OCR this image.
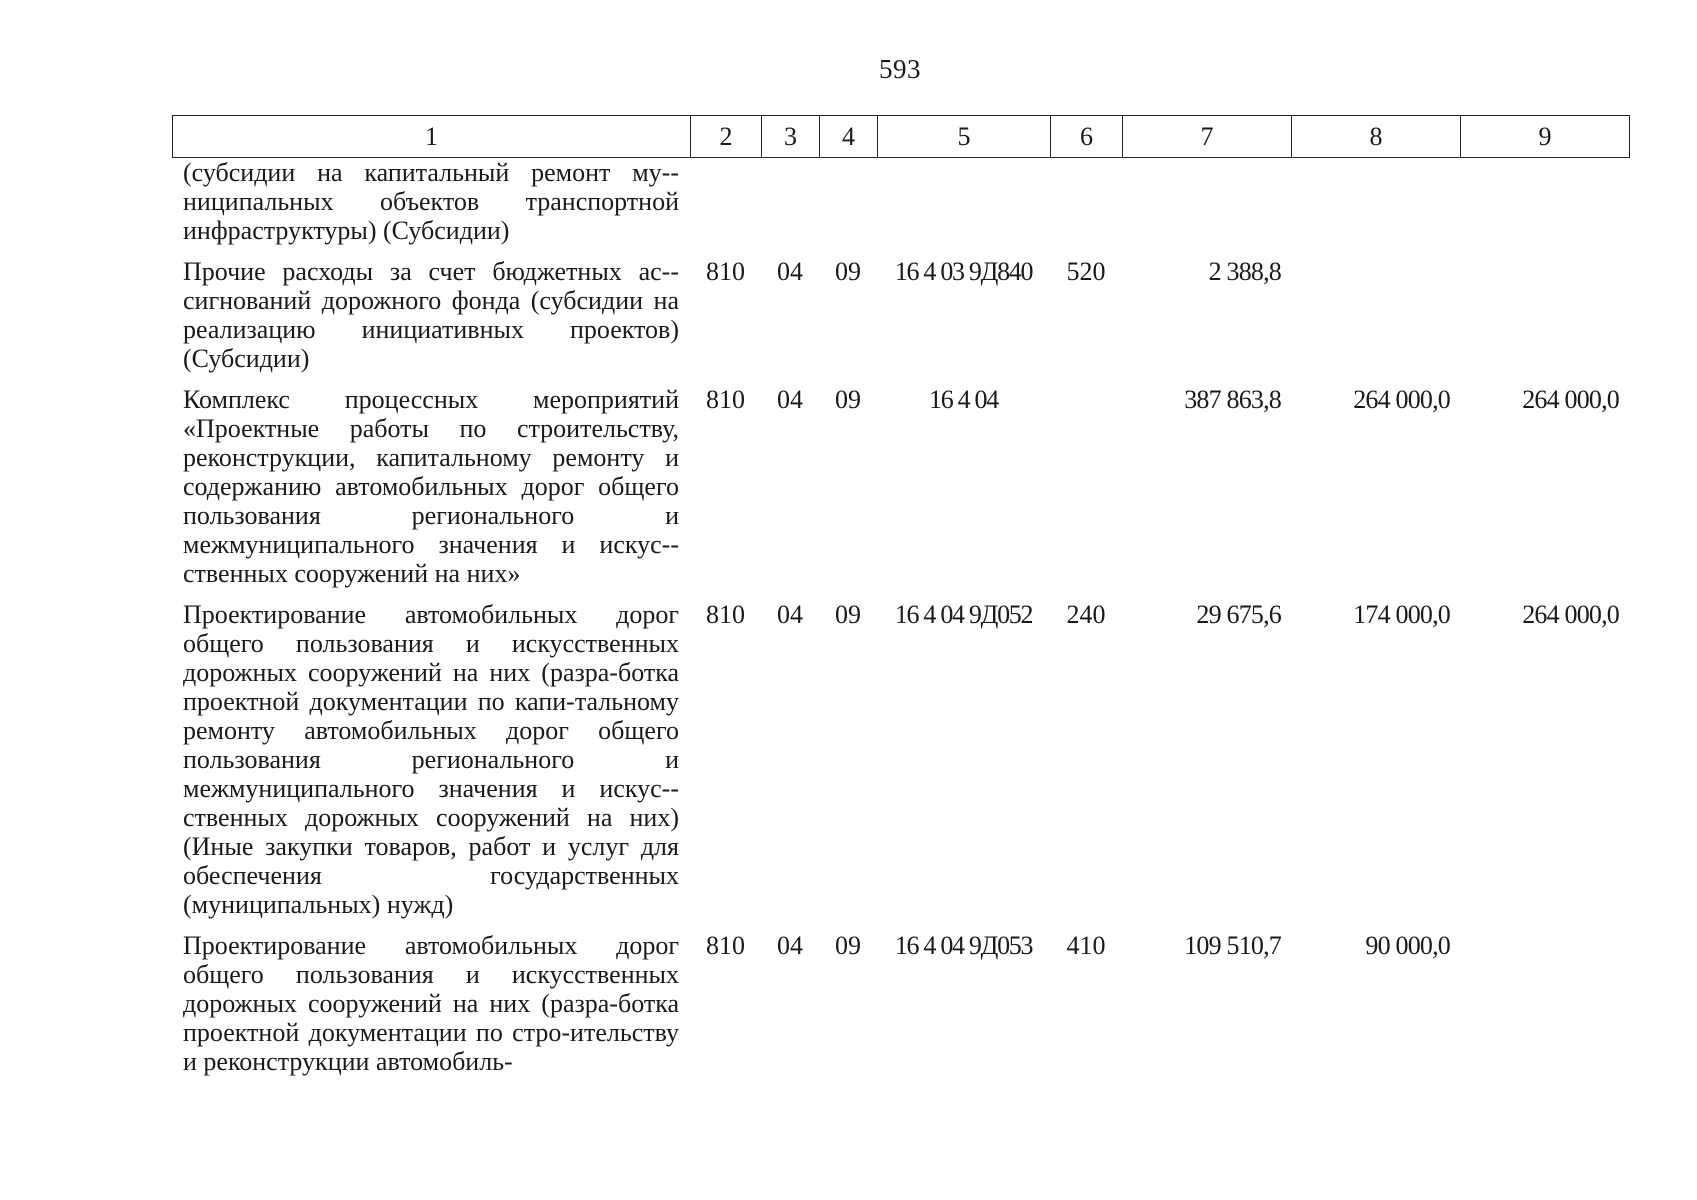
593
1	2	3	4	5	6	7	8	9
(субсидии на капитальный ремонт му-ниципальных объектов транспортной инфраструктуры) (Субсидии)								
Прочие расходы за счет бюджетных ас-сигнований дорожного фонда (субсидии на реализацию инициативных проектов) (Субсидии)	810	04	09	16 4 03 9Д840	520	2 388,8		
Комплекс процессных мероприятий «Проектные работы по строительству, реконструкции, капитальному ремонту и содержанию автомобильных дорог общего пользования регионального и межмуниципального значения и искус-ственных сооружений на них»	810	04	09	16 4 04		387 863,8	264 000,0	264 000,0
Проектирование автомобильных дорог общего пользования и искусственных дорожных сооружений на них (разра-ботка проектной документации по капи-тальному ремонту автомобильных дорог общего пользования регионального и межмуниципального значения и искус-ственных дорожных сооружений на них) (Иные закупки товаров, работ и услуг для обеспечения государственных (муниципальных) нужд)	810	04	09	16 4 04 9Д052	240	29 675,6	174 000,0	264 000,0
Проектирование автомобильных дорог общего пользования и искусственных дорожных сооружений на них (разра-ботка проектной документации по стро-ительству и реконструкции автомобиль-	810	04	09	16 4 04 9Д053	410	109 510,7	90 000,0	
